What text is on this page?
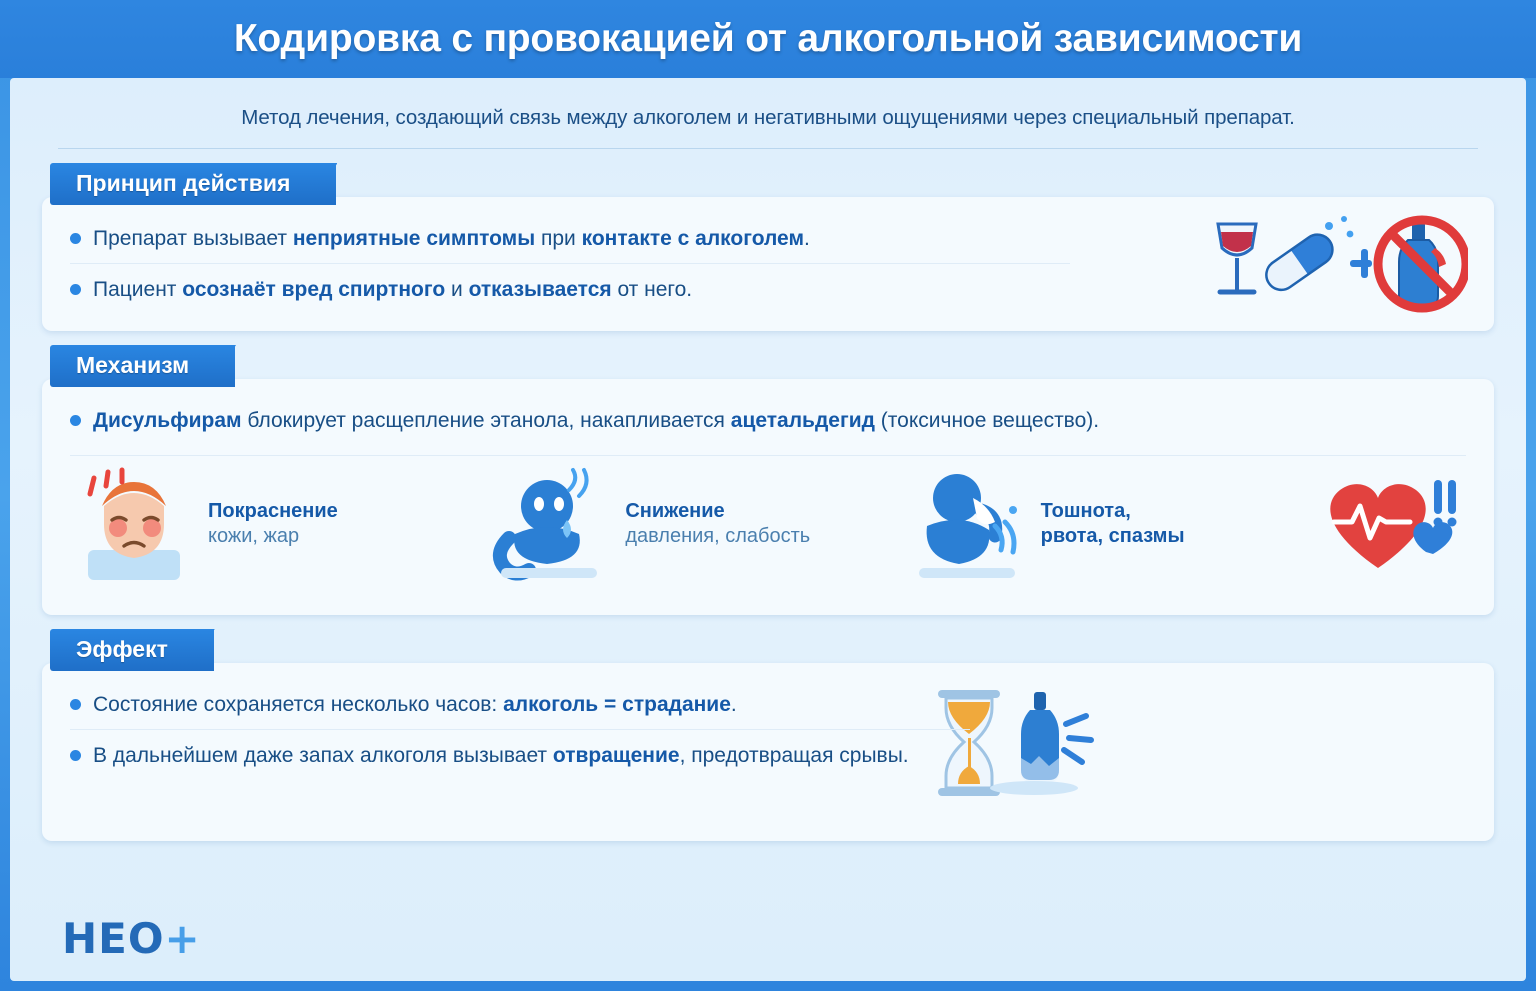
Кодировка с провокацией от алкогольной зависимости
Метод лечения, создающий связь между алкоголем и негативными ощущениями через специальный препарат.
Принцип действия
Препарат вызывает неприятные симптомы при контакте с алкоголем.
Пациент осознаёт вред спиртного и отказывается от него.
Механизм
Дисульфирам блокирует расщепление этанола, накапливается ацетальдегид (токсичное вещество).
Покраснение
кожи, жар
Снижение
давления, слабость
Тошнота,
рвота, спазмы
Эффект
Состояние сохраняется несколько часов: алкоголь = страдание.
В дальнейшем даже запах алкоголя вызывает отвращение, предотвращая срывы.
НЕО+
